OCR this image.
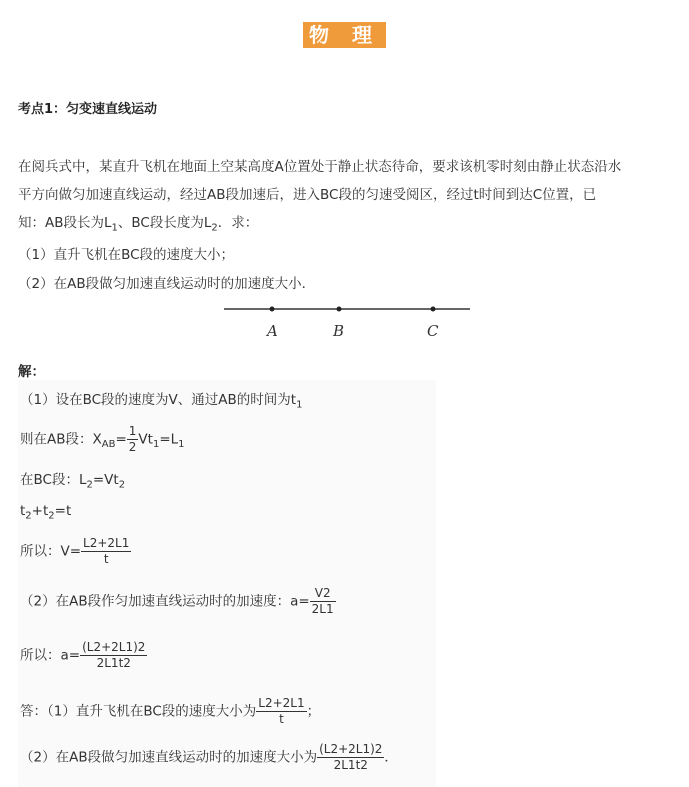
物 理
考点1：匀变速直线运动
在阅兵式中，某直升飞机在地面上空某高度A位置处于静止状态待命，要求该机零时刻由静止状态沿水
平方向做匀加速直线运动，经过AB段加速后，进入BC段的匀速受阅区，经过t时间到达C位置，已
知：AB段长为$L_1$、BC段长度为$L_2$．求：
（1）直升飞机在BC段的速度大小；
（2）在AB段做匀加速直线运动时的加速度大小．
A	B	C
解：
（1）设在BC段的速度为V、通过AB的时间为$t_1$
则在AB段：$X_{AB}= \frac{1}{2} Vt_1=L_1$
在BC段：$L_2=Vt_2$
$t_2+t_2=t$
所以：$V= \frac{L2+2L1}{t}$
（2）在AB段作匀加速直线运动时的加速度：$a= \frac{V2}{2L1}$
所以：$a= \frac{(L2+2L1)2}{2L1t2}$
答：（1）直升飞机在BC段的速度大小为 $\frac{L2+2L1}{t}$ ；
（2）在AB段做匀加速直线运动时的加速度大小为 $\frac{(L2+2L1)2}{2L1t2}$ ．
